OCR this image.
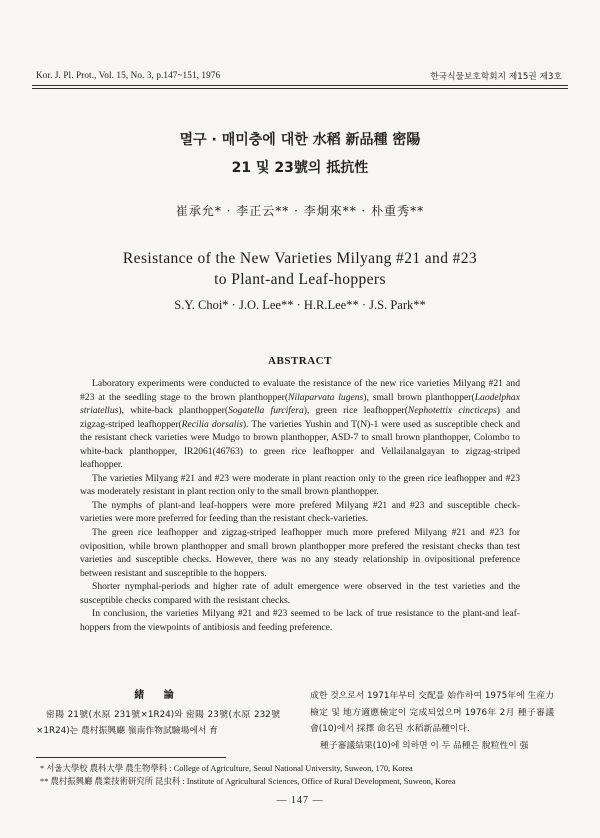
Kor. J. Pl. Prot., Vol. 15, No. 3, p.147~151, 1976	한국식물보호학회지 제15권 제3호
멸구 · 매미충에 대한 水稻 新品種 密陽
21 및 23號의 抵抗性
崔承允* · 李正云** · 李炯來** · 朴重秀**
Resistance of the New Varieties Milyang #21 and #23
to Plant-and Leaf-hoppers
S.Y. Choi* · J.O. Lee** · H.R.Lee** · J.S. Park**
ABSTRACT

Laboratory experiments were conducted to evaluate the resistance of the new rice varieties Milyang #21 and #23 at the seedling stage to the brown planthopper(Nilaparvata lugens), small brown planthopper(Laodelphax striatellus), white-back planthopper(Sogatella furcifera), green rice leafhopper(Nephotettix cincticeps) and zigzag-striped leafhopper(Recilia dorsalis). The varieties Yushin and T(N)-1 were used as susceptible check and the resistant check varieties were Mudgo to brown planthopper, ASD-7 to small brown planthopper, Colombo to white-back planthopper, IR2061(46763) to green rice leafhopper and Vellailanalgayan to zigzag-striped leafhopper.

The varieties Milyang #21 and #23 were moderate in plant reaction only to the green rice leafhopper and #23 was moderately resistant in plant rection only to the small brown planthopper.

The nymphs of plant-and leaf-hoppers were more prefered Milyang #21 and #23 and susceptible check-varieties were more preferred for feeding than the resistant check-varieties.

The green rice leafhopper and zigzag-striped leafhopper much more prefered Milyang #21 and #23 for oviposition, while brown planthopper and small brown planthopper more prefered the resistant checks than test varieties and susceptible checks. However, there was no any steady relationship in ovipositional preference between resistant and susceptible to the hoppers.

Shorter nymphal-periods and higher rate of adult emergence were observed in the test varieties and the susceptible checks compared with the resistant checks.

In conclusion, the varieties Milyang #21 and #23 seemed to be lack of true resistance to the plant-and leaf-hoppers from the viewpoints of antibiosis and feeding preference.

緒 論

密陽 21號(水原 231號×1R24)와 密陽 23號(水原 232號×1R24)는 農村振興廳 嶺南作物試驗場에서 育

成한 것으로서 1971年부터 交配를 始作하여 1975年에 生産力檢定 및 地方適應檢定이 完成되었으며 1976年 2月 種子審議會(10)에서 採擇 命名된 水稻新品種이다.

種子審議結果(10)에 의하면 이 두 品種은 脫粒性이 强

* 서울大學校 農科大學 農生物學科 : College of Agriculture, Seoul National University, Suweon, 170, Korea
** 農村振興廳 農業技術研究所 昆虫科 : Institute of Agricultural Sciences, Office of Rural Development, Suweon, Korea
— 147 —
